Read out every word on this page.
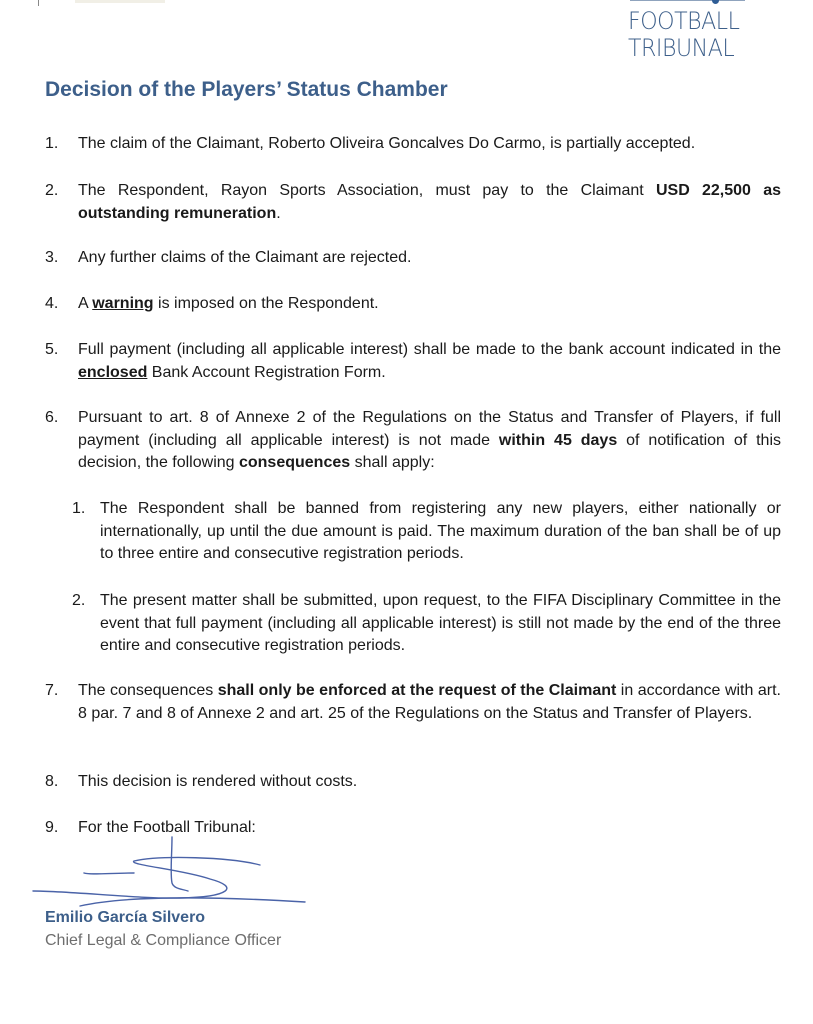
FOOTBALL
TRIBUNAL
Decision of the Players’ Status Chamber
1. The claim of the Claimant, Roberto Oliveira Goncalves Do Carmo, is partially accepted.
2. The Respondent, Rayon Sports Association, must pay to the Claimant USD 22,500 as outstanding remuneration.
3. Any further claims of the Claimant are rejected.
4. A warning is imposed on the Respondent.
5. Full payment (including all applicable interest) shall be made to the bank account indicated in the enclosed Bank Account Registration Form.
6. Pursuant to art. 8 of Annexe 2 of the Regulations on the Status and Transfer of Players, if full payment (including all applicable interest) is not made within 45 days of notification of this decision, the following consequences shall apply:
1. The Respondent shall be banned from registering any new players, either nationally or internationally, up until the due amount is paid. The maximum duration of the ban shall be of up to three entire and consecutive registration periods.
2. The present matter shall be submitted, upon request, to the FIFA Disciplinary Committee in the event that full payment (including all applicable interest) is still not made by the end of the three entire and consecutive registration periods.
7. The consequences shall only be enforced at the request of the Claimant in accordance with art. 8 par. 7 and 8 of Annexe 2 and art. 25 of the Regulations on the Status and Transfer of Players.
8. This decision is rendered without costs.
9. For the Football Tribunal:
Emilio García Silvero
Chief Legal & Compliance Officer
